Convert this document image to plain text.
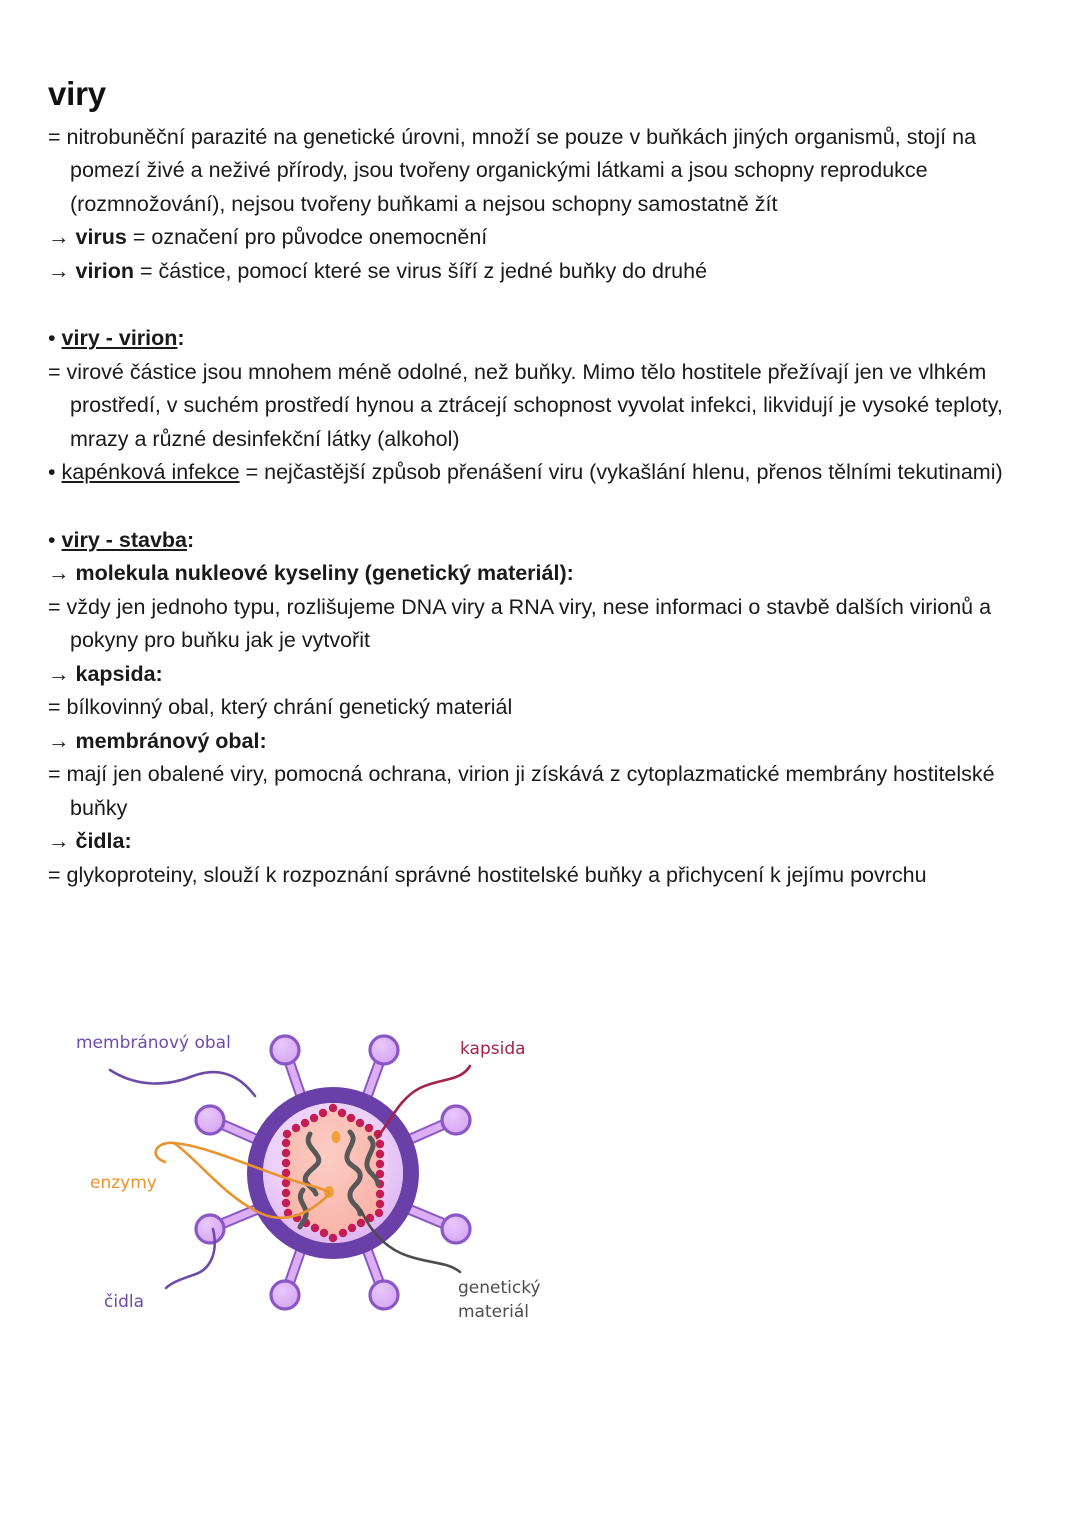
viry

= nitrobuněční parazité na genetické úrovni, množí se pouze v buňkách jiných organismů, stojí na pomezí živé a neživé přírody, jsou tvořeny organickými látkami a jsou schopny reprodukce (rozmnožování), nejsou tvořeny buňkami a nejsou schopny samostatně žít

→ virus = označení pro původce onemocnění

→ virion = částice, pomocí které se virus šíří z jedné buňky do druhé

• viry - virion:

= virové částice jsou mnohem méně odolné, než buňky. Mimo tělo hostitele přežívají jen ve vlhkém prostředí, v suchém prostředí hynou a ztrácejí schopnost vyvolat infekci, likvidují je vysoké teploty, mrazy a různé desinfekční látky (alkohol)

• kapénková infekce = nejčastější způsob přenášení viru (vykašlání hlenu, přenos tělními tekutinami)

• viry - stavba:

→ molekula nukleové kyseliny (genetický materiál):

= vždy jen jednoho typu, rozlišujeme DNA viry a RNA viry, nese informaci o stavbě dalších virionů a pokyny pro buňku jak je vytvořit

→ kapsida:

= bílkovinný obal, který chrání genetický materiál

→ membránový obal:

= mají jen obalené viry, pomocná ochrana, virion ji získává z cytoplazmatické membrány hostitelské buňky

→ čidla:

= glykoproteiny, slouží k rozpoznání správné hostitelské buňky a přichycení k jejímu povrchu

membránový obal	kapsida
enzymy
čidla
genetický
materiál
